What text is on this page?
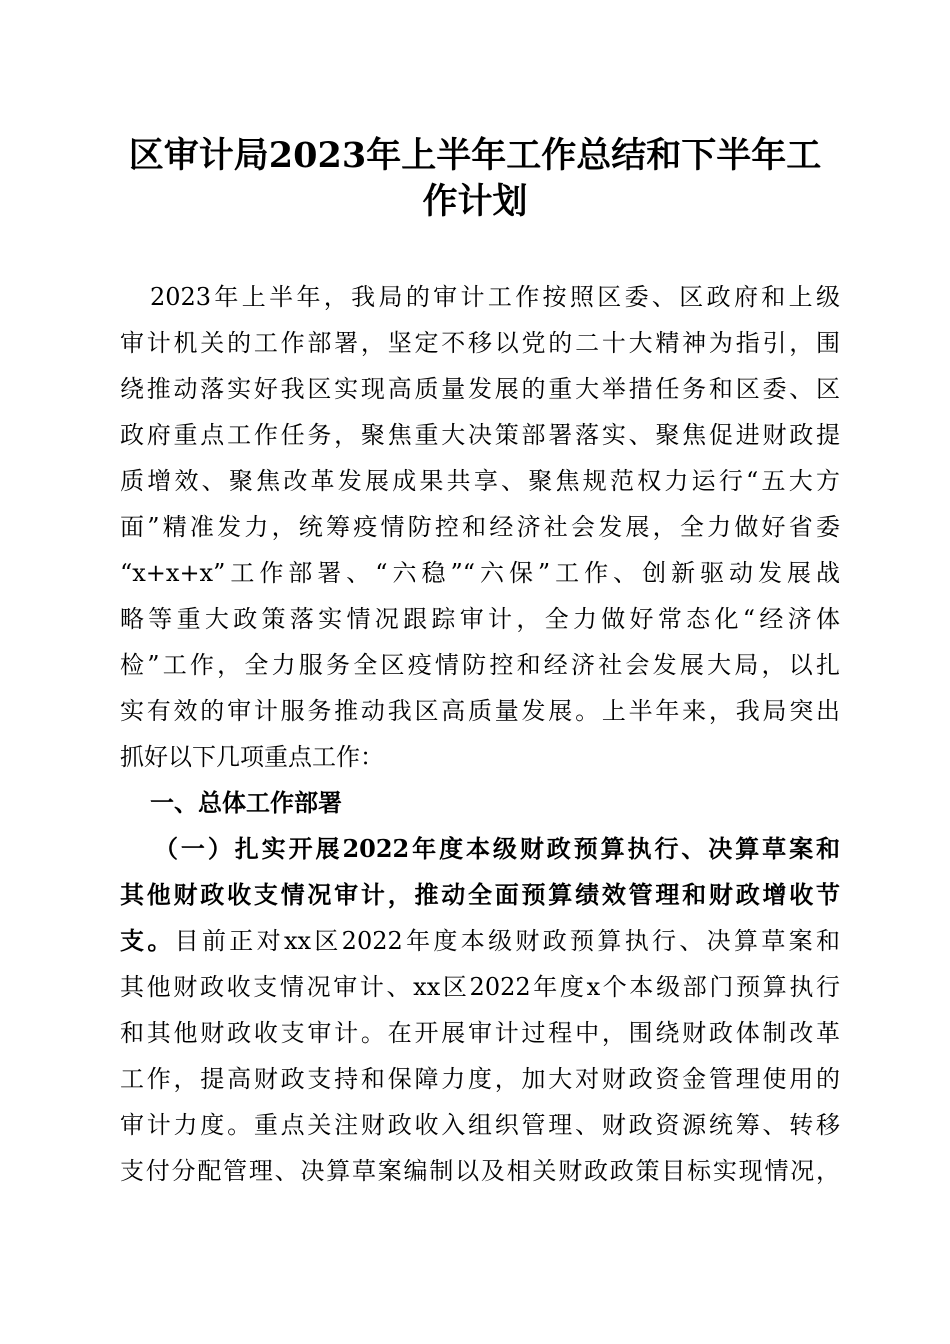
区审计局2023年上半年工作总结和下半年工
作计划
2023年上半年，我局的审计工作按照区委、区政府和上级
审计机关的工作部署，坚定不移以党的二十大精神为指引，围
绕推动落实好我区实现高质量发展的重大举措任务和区委、区
政府重点工作任务，聚焦重大决策部署落实、聚焦促进财政提
质增效、聚焦改革发展成果共享、聚焦规范权力运行“五大方
面”精准发力，统筹疫情防控和经济社会发展，全力做好省委
“x+x+x”工作部署、“六稳”“六保”工作、创新驱动发展战
略等重大政策落实情况跟踪审计，全力做好常态化“经济体
检”工作，全力服务全区疫情防控和经济社会发展大局，以扎
实有效的审计服务推动我区高质量发展。上半年来，我局突出
抓好以下几项重点工作：
一、总体工作部署
（一）扎实开展2022年度本级财政预算执行、决算草案和
其他财政收支情况审计，推动全面预算绩效管理和财政增收节
支。目前正对xx区2022年度本级财政预算执行、决算草案和
其他财政收支情况审计、xx区2022年度x个本级部门预算执行
和其他财政收支审计。在开展审计过程中，围绕财政体制改革
工作，提高财政支持和保障力度，加大对财政资金管理使用的
审计力度。重点关注财政收入组织管理、财政资源统筹、转移
支付分配管理、决算草案编制以及相关财政政策目标实现情况，
